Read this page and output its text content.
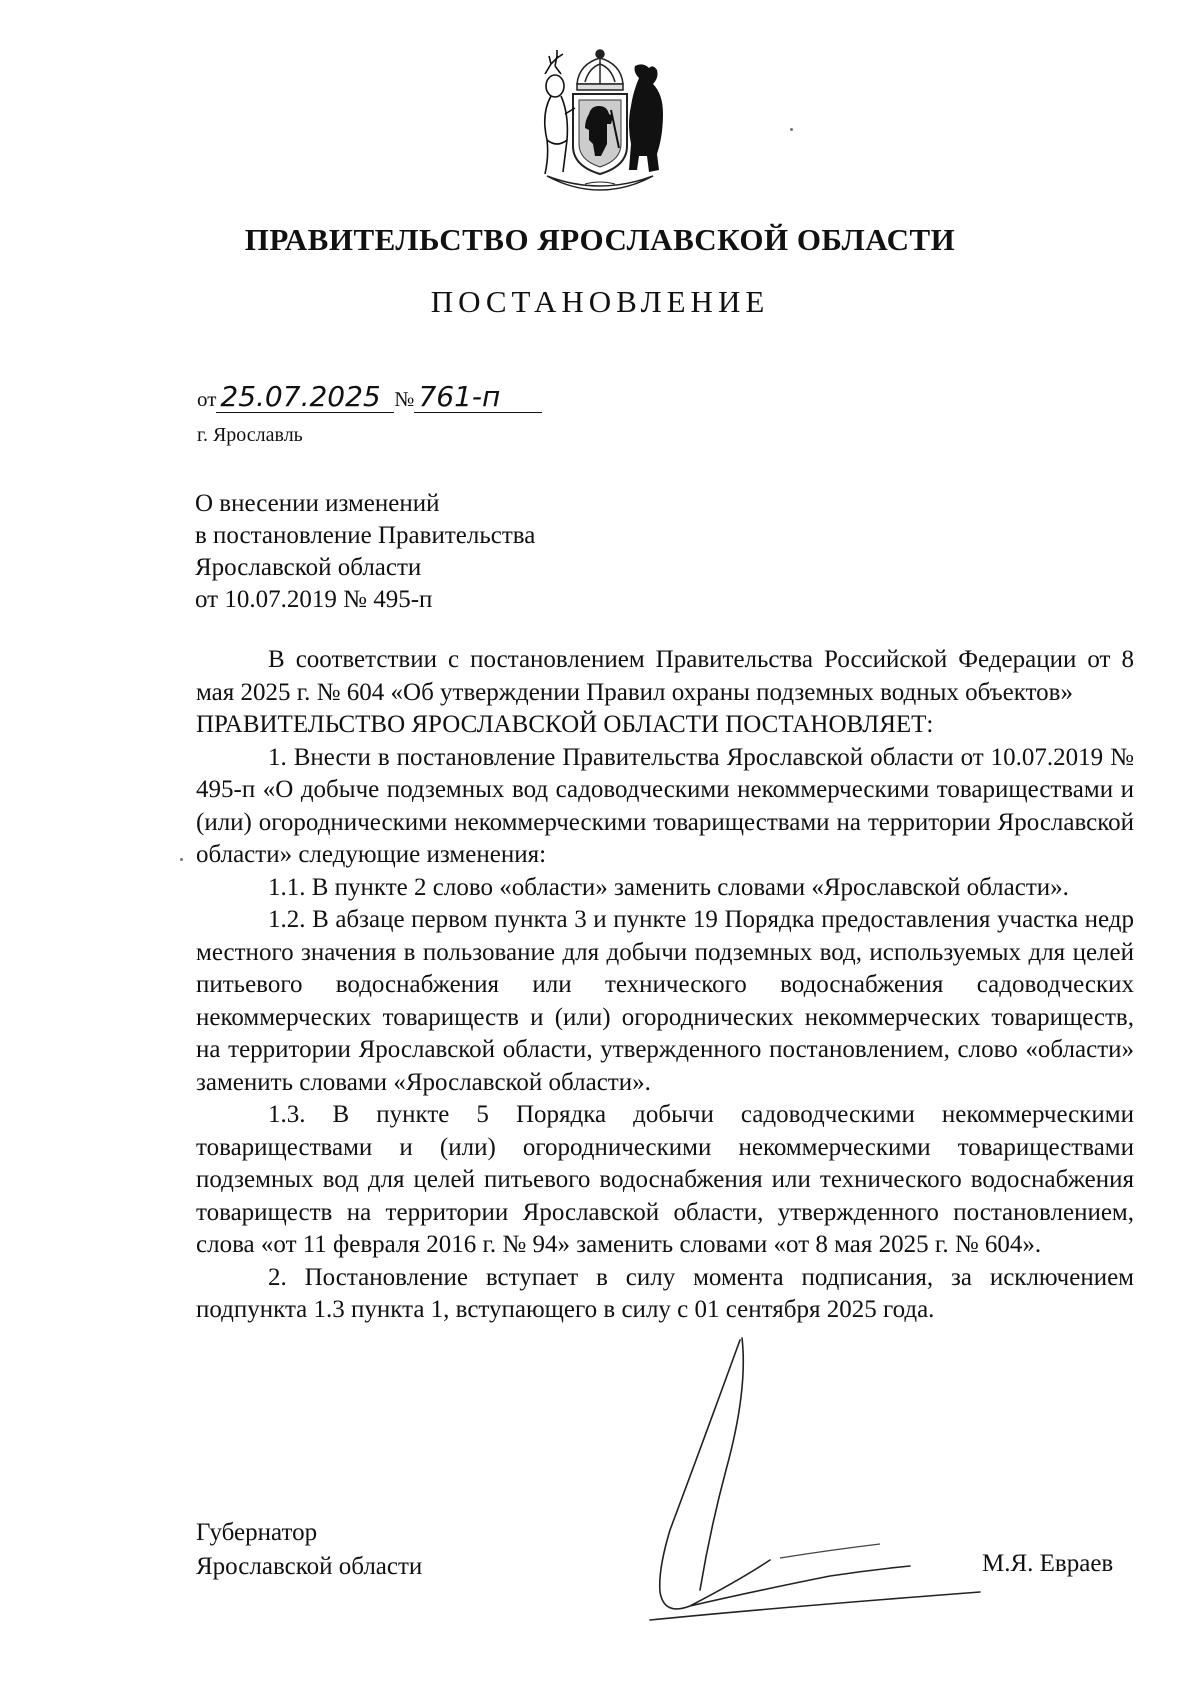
ПРАВИТЕЛЬСТВО ЯРОСЛАВСКОЙ ОБЛАСТИ
ПОСТАНОВЛЕНИЕ
от 25.07.2025 № 761-п
г. Ярославль
О внесении изменений
в постановление Правительства
Ярославской области
от 10.07.2019 № 495-п

В соответствии с постановлением Правительства Российской Федерации от 8 мая 2025 г. № 604 «Об утверждении Правил охраны подземных водных объектов»

ПРАВИТЕЛЬСТВО ЯРОСЛАВСКОЙ ОБЛАСТИ ПОСТАНОВЛЯЕТ:

1. Внести в постановление Правительства Ярославской области от 10.07.2019 № 495-п «О добыче подземных вод садоводческими некоммерческими товариществами и (или) огородническими некоммерческими товариществами на территории Ярославской области» следующие изменения:

1.1. В пункте 2 слово «области» заменить словами «Ярославской области».

1.2. В абзаце первом пункта 3 и пункте 19 Порядка предоставления участка недр местного значения в пользование для добычи подземных вод, используемых для целей питьевого водоснабжения или технического водоснабжения садоводческих некоммерческих товариществ и (или) огороднических некоммерческих товариществ, на территории Ярославской области, утвержденного постановлением, слово «области» заменить словами «Ярославской области».

1.3. В пункте 5 Порядка добычи садоводческими некоммерческими товариществами и (или) огородническими некоммерческими товариществами подземных вод для целей питьевого водоснабжения или технического водоснабжения товариществ на территории Ярославской области, утвержденного постановлением, слова «от 11 февраля 2016 г. № 94» заменить словами «от 8 мая 2025 г. № 604».

2. Постановление вступает в силу момента подписания, за исключением подпункта 1.3 пункта 1, вступающего в силу с 01 сентября 2025 года.

Губернатор
Ярославской области	М.Я. Евраев
